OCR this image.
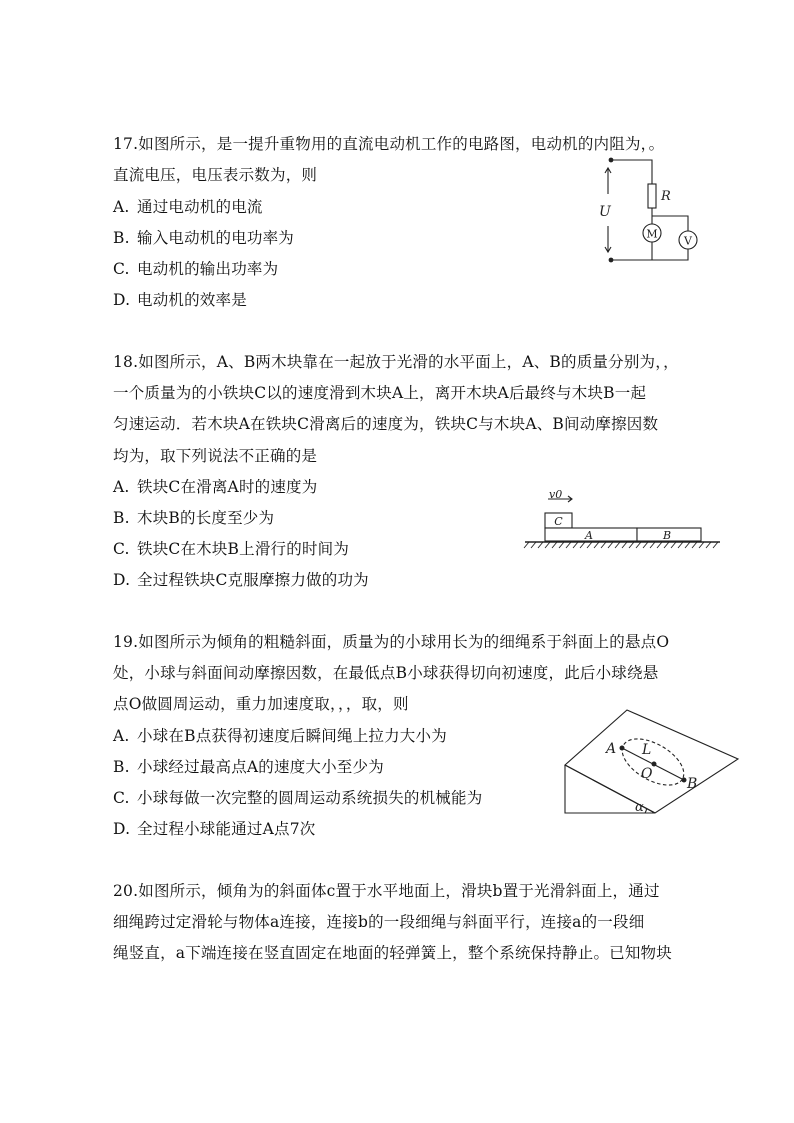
17.如图所示，是一提升重物用的直流电动机工作的电路图，电动机的内阻为，。
直流电压，电压表示数为，则
A. 通过电动机的电流
B. 输入电动机的电功率为
C. 电动机的输出功率为
D. 电动机的效率是
U
R
M
V
18.如图所示，A、B两木块靠在一起放于光滑的水平面上，A、B的质量分别为，，
一个质量为的小铁块C以的速度滑到木块A上，离开木块A后最终与木块B一起
匀速运动．若木块A在铁块C滑离后的速度为，铁块C与木块A、B间动摩擦因数
均为，取下列说法不正确的是
A. 铁块C在滑离A时的速度为
B. 木块B的长度至少为
C. 铁块C在木块B上滑行的时间为
D. 全过程铁块C克服摩擦力做的功为
v0
C
A	B
19.如图所示为倾角的粗糙斜面，质量为的小球用长为的细绳系于斜面上的悬点O
处，小球与斜面间动摩擦因数，在最低点B小球获得切向初速度，此后小球绕悬
点O做圆周运动，重力加速度取，，，取，则
A. 小球在B点获得初速度后瞬间绳上拉力大小为
B. 小球经过最高点A的速度大小至少为
C. 小球每做一次完整的圆周运动系统损失的机械能为
D. 全过程小球能通过A点7次
A L
O
B
α
20.如图所示，倾角为的斜面体c置于水平地面上，滑块b置于光滑斜面上，通过
细绳跨过定滑轮与物体a连接，连接b的一段细绳与斜面平行，连接a的一段细
绳竖直，a下端连接在竖直固定在地面的轻弹簧上，整个系统保持静止。已知物块
